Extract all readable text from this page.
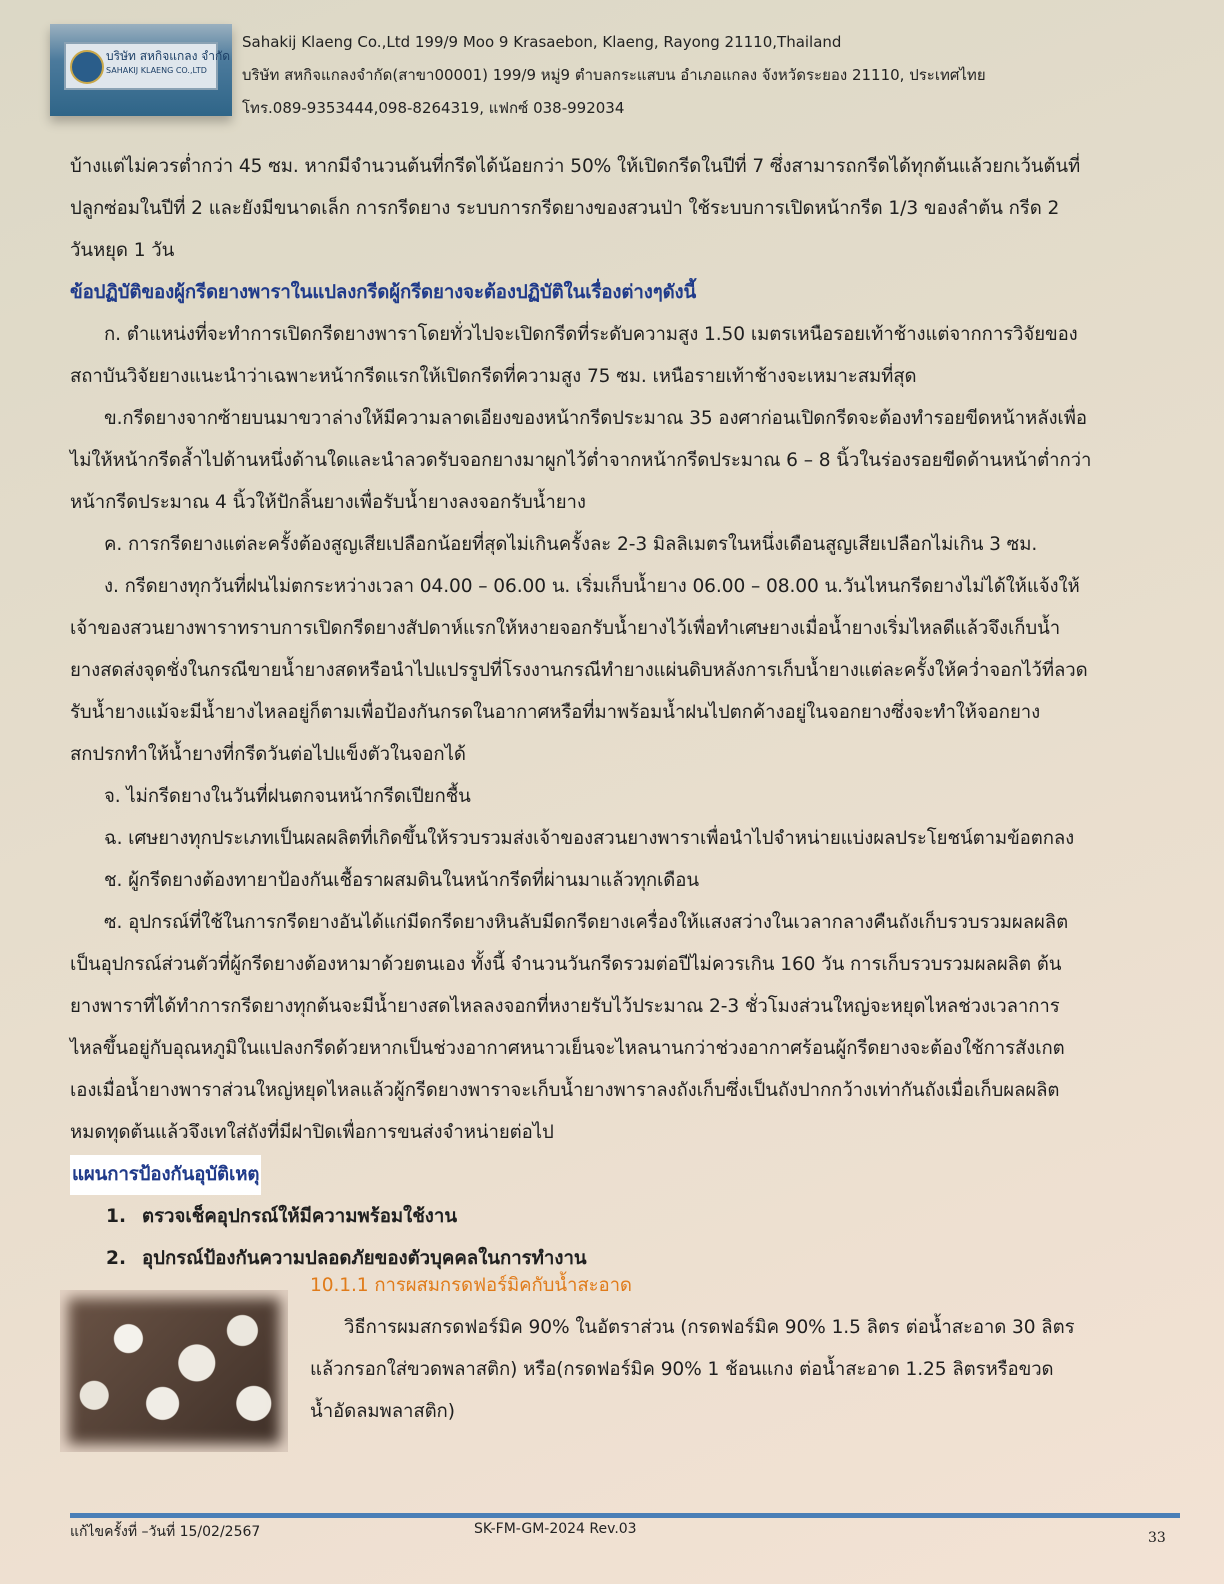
บริษัท สหกิจแกลง จำกัด
SAHAKIJ KLAENG CO.,LTD
Sahakij Klaeng Co.,Ltd 199/9 Moo 9 Krasaebon, Klaeng, Rayong 21110,Thailand
บริษัท สหกิจแกลงจำกัด(สาขา00001) 199/9 หมู่9 ตำบลกระแสบน อำเภอแกลง จังหวัดระยอง 21110, ประเทศไทย
โทร.089-9353444,098-8264319, แฟกซ์ 038-992034

บ้างแต่ไม่ควรต่ำกว่า 45 ซม. หากมีจำนวนต้นที่กรีดได้น้อยกว่า 50% ให้เปิดกรีดในปีที่ 7 ซึ่งสามารถกรีดได้ทุกต้นแล้วยกเว้นต้นที่

ปลูกซ่อมในปีที่ 2 และยังมีขนาดเล็ก การกรีดยาง ระบบการกรีดยางของสวนป่า ใช้ระบบการเปิดหน้ากรีด 1/3 ของลำต้น กรีด 2

วันหยุด 1 วัน

ข้อปฏิบัติของผู้กรีดยางพาราในแปลงกรีดผู้กรีดยางจะต้องปฏิบัติในเรื่องต่างๆดังนี้

ก. ตำแหน่งที่จะทำการเปิดกรีดยางพาราโดยทั่วไปจะเปิดกรีดที่ระดับความสูง 1.50 เมตรเหนือรอยเท้าช้างแต่จากการวิจัยของ

สถาบันวิจัยยางแนะนำว่าเฉพาะหน้ากรีดแรกให้เปิดกรีดที่ความสูง 75 ซม. เหนือรายเท้าช้างจะเหมาะสมที่สุด

ข.กรีดยางจากซ้ายบนมาขวาล่างให้มีความลาดเอียงของหน้ากรีดประมาณ 35 องศาก่อนเปิดกรีดจะต้องทำรอยขีดหน้าหลังเพื่อ

ไม่ให้หน้ากรีดล้ำไปด้านหนึ่งด้านใดและนำลวดรับจอกยางมาผูกไว้ต่ำจากหน้ากรีดประมาณ 6 – 8 นิ้วในร่องรอยขีดด้านหน้าต่ำกว่า

หน้ากรีดประมาณ 4 นิ้วให้ปักลิ้นยางเพื่อรับน้ำยางลงจอกรับน้ำยาง

ค. การกรีดยางแต่ละครั้งต้องสูญเสียเปลือกน้อยที่สุดไม่เกินครั้งละ 2-3 มิลลิเมตรในหนึ่งเดือนสูญเสียเปลือกไม่เกิน 3 ซม.

ง. กรีดยางทุกวันที่ฝนไม่ตกระหว่างเวลา 04.00 – 06.00 น. เริ่มเก็บน้ำยาง 06.00 – 08.00 น.วันไหนกรีดยางไม่ได้ให้แจ้งให้

เจ้าของสวนยางพาราทราบการเปิดกรีดยางสัปดาห์แรกให้หงายจอกรับน้ำยางไว้เพื่อทำเศษยางเมื่อน้ำยางเริ่มไหลดีแล้วจึงเก็บน้ำ

ยางสดส่งจุดชั่งในกรณีขายน้ำยางสดหรือนำไปแปรรูปที่โรงงานกรณีทำยางแผ่นดิบหลังการเก็บน้ำยางแต่ละครั้งให้คว่ำจอกไว้ที่ลวด

รับน้ำยางแม้จะมีน้ำยางไหลอยู่ก็ตามเพื่อป้องกันกรดในอากาศหรือที่มาพร้อมน้ำฝนไปตกค้างอยู่ในจอกยางซึ่งจะทำให้จอกยาง

สกปรกทำให้น้ำยางที่กรีดวันต่อไปแข็งตัวในจอกได้

จ. ไม่กรีดยางในวันที่ฝนตกจนหน้ากรีดเปียกชื้น

ฉ. เศษยางทุกประเภทเป็นผลผลิตที่เกิดขึ้นให้รวบรวมส่งเจ้าของสวนยางพาราเพื่อนำไปจำหน่ายแบ่งผลประโยชน์ตามข้อตกลง

ช. ผู้กรีดยางต้องทายาป้องกันเชื้อราผสมดินในหน้ากรีดที่ผ่านมาแล้วทุกเดือน

ซ. อุปกรณ์ที่ใช้ในการกรีดยางอันได้แก่มีดกรีดยางหินลับมีดกรีดยางเครื่องให้แสงสว่างในเวลากลางคืนถังเก็บรวบรวมผลผลิต

เป็นอุปกรณ์ส่วนตัวที่ผู้กรีดยางต้องหามาด้วยตนเอง ทั้งนี้ จำนวนวันกรีดรวมต่อปีไม่ควรเกิน 160 วัน การเก็บรวบรวมผลผลิต ต้น

ยางพาราที่ได้ทำการกรีดยางทุกต้นจะมีน้ำยางสดไหลลงจอกที่หงายรับไว้ประมาณ 2-3 ชั่วโมงส่วนใหญ่จะหยุดไหลช่วงเวลาการ

ไหลขึ้นอยู่กับอุณหภูมิในแปลงกรีดด้วยหากเป็นช่วงอากาศหนาวเย็นจะไหลนานกว่าช่วงอากาศร้อนผู้กรีดยางจะต้องใช้การสังเกต

เองเมื่อน้ำยางพาราส่วนใหญ่หยุดไหลแล้วผู้กรีดยางพาราจะเก็บน้ำยางพาราลงถังเก็บซึ่งเป็นถังปากกว้างเท่ากันถังเมื่อเก็บผลผลิต

หมดทุดต้นแล้วจึงเทใส่ถังที่มีฝาปิดเพื่อการขนส่งจำหน่ายต่อไป

แผนการป้องกันอุบัติเหตุ

1. ตรวจเช็คอุปกรณ์ให้มีความพร้อมใช้งาน
2. อุปกรณ์ป้องกันความปลอดภัยของตัวบุคคลในการทำงาน

10.1.1 การผสมกรดฟอร์มิคกับน้ำสะอาด

วิธีการผมสกรดฟอร์มิค 90% ในอัตราส่วน (กรดฟอร์มิค 90% 1.5 ลิตร ต่อน้ำสะอาด 30 ลิตร

แล้วกรอกใส่ขวดพลาสติก) หรือ(กรดฟอร์มิค 90% 1 ช้อนแกง ต่อน้ำสะอาด 1.25 ลิตรหรือขวด

น้ำอัดลมพลาสติก)

แก้ไขครั้งที่ –วันที่ 15/02/2567	SK-FM-GM-2024 Rev.03
33
